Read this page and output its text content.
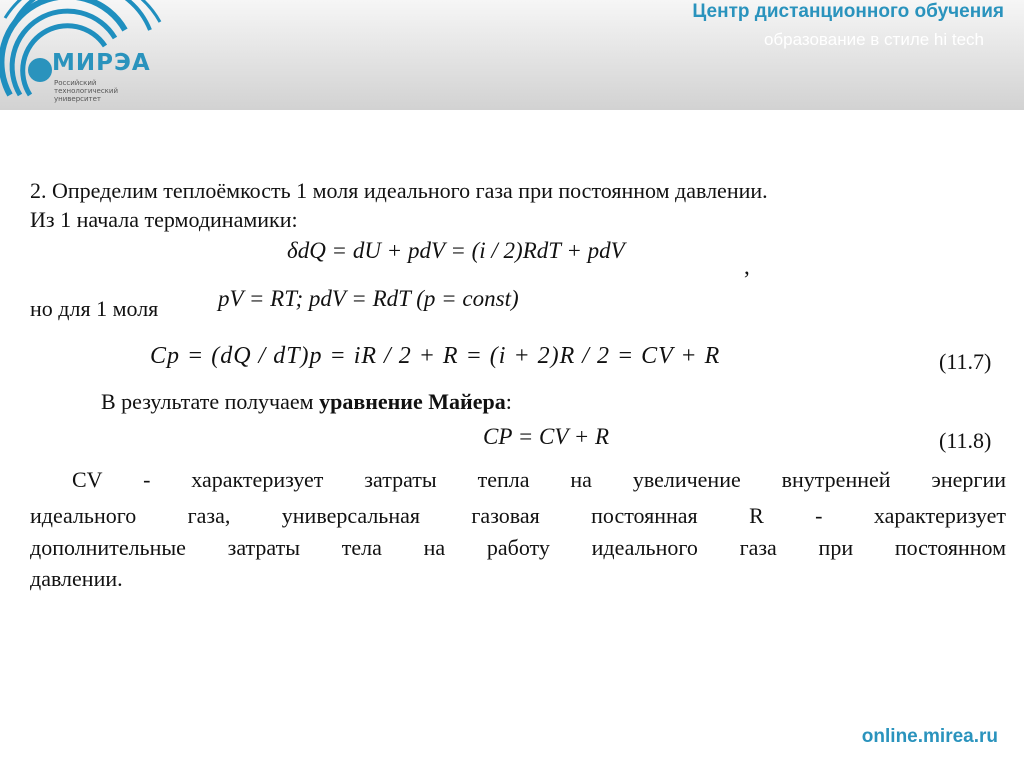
МИРЭА
Российский
технологический
университет
Центр дистанционного обучения
образование в стиле hi tech
2. Определим теплоёмкость 1 моля идеального газа при постоянном давлении.
Из 1 начала термодинамики:
δdQ = dU + pdV = (i / 2)RdT + pdV
,
но для 1 моля	pV = RT; pdV = RdT (p = const)
Cp = (dQ / dT)p = iR / 2 + R = (i + 2)R / 2 = CV + R	(11.7)
В результате получаем уравнение Майера:
CP = CV + R	(11.8)
CV - характеризует затраты тепла на увеличение внутренней энергии
идеального газа, универсальная газовая постоянная R - характеризует
дополнительные затраты тела на работу идеального газа при постоянном
давлении.
online.mirea.ru
